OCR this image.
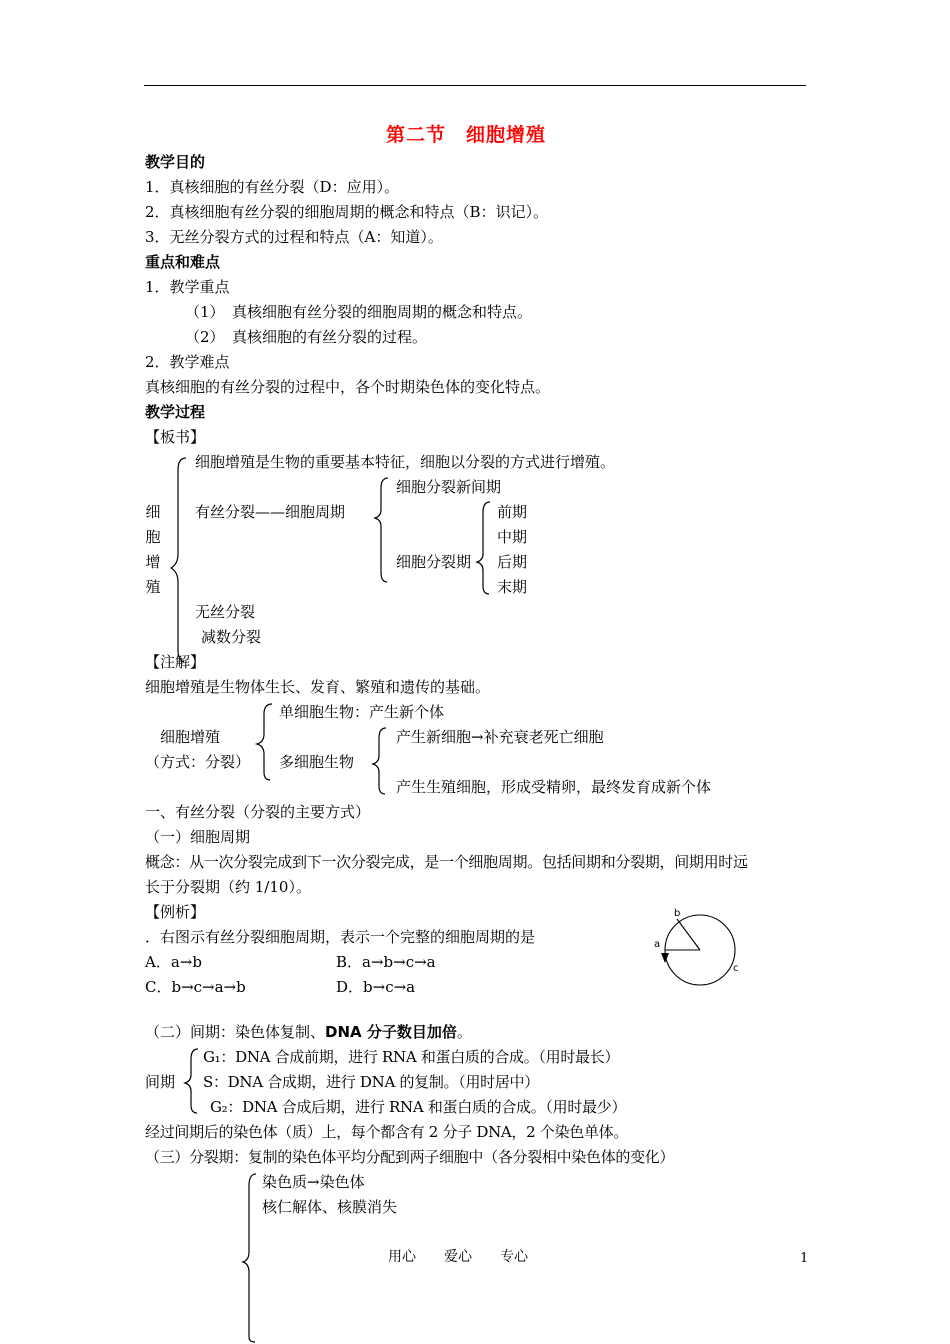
第二节　细胞增殖
教学目的
1．真核细胞的有丝分裂（D：应用）。
2．真核细胞有丝分裂的细胞周期的概念和特点（B：识记）。
3．无丝分裂方式的过程和特点（A：知道）。
重点和难点
1．教学重点
（1）　真核细胞有丝分裂的细胞周期的概念和特点。
（2）　真核细胞的有丝分裂的过程。
2．教学难点
真核细胞的有丝分裂的过程中，各个时期染色体的变化特点。
教学过程
【板书】
细
胞
增
殖
细胞增殖是生物的重要基本特征，细胞以分裂的方式进行增殖。
有丝分裂——细胞周期
细胞分裂新间期
细胞分裂期
前期
中期
后期
末期
无丝分裂
减数分裂
【注解】
细胞增殖是生物体生长、发育、繁殖和遗传的基础。
细胞增殖
（方式：分裂）
单细胞生物：产生新个体
多细胞生物
产生新细胞→补充衰老死亡细胞
产生生殖细胞，形成受精卵，最终发育成新个体
一、有丝分裂（分裂的主要方式）
（一）细胞周期
概念：从一次分裂完成到下一次分裂完成，是一个细胞周期。包括间期和分裂期，间期用时远
长于分裂期（约 1/10）。
【例析】
．右图示有丝分裂细胞周期，表示一个完整的细胞周期的是
A．a→b	B．a→b→c→a
C．b→c→a→b	D．b→c→a
a
b
c
（二）间期：染色体复制、DNA 分子数目加倍。
间期
G₁：DNA 合成前期，进行 RNA 和蛋白质的合成。（用时最长）
S：DNA 合成期，进行 DNA 的复制。（用时居中）
G₂：DNA 合成后期，进行 RNA 和蛋白质的合成。（用时最少）
经过间期后的染色体（质）上，每个都含有 2 分子 DNA，2 个染色单体。
（三）分裂期：复制的染色体平均分配到两子细胞中（各分裂相中染色体的变化）
染色质→染色体
核仁解体、核膜消失
用心　　爱心　　专心	1
